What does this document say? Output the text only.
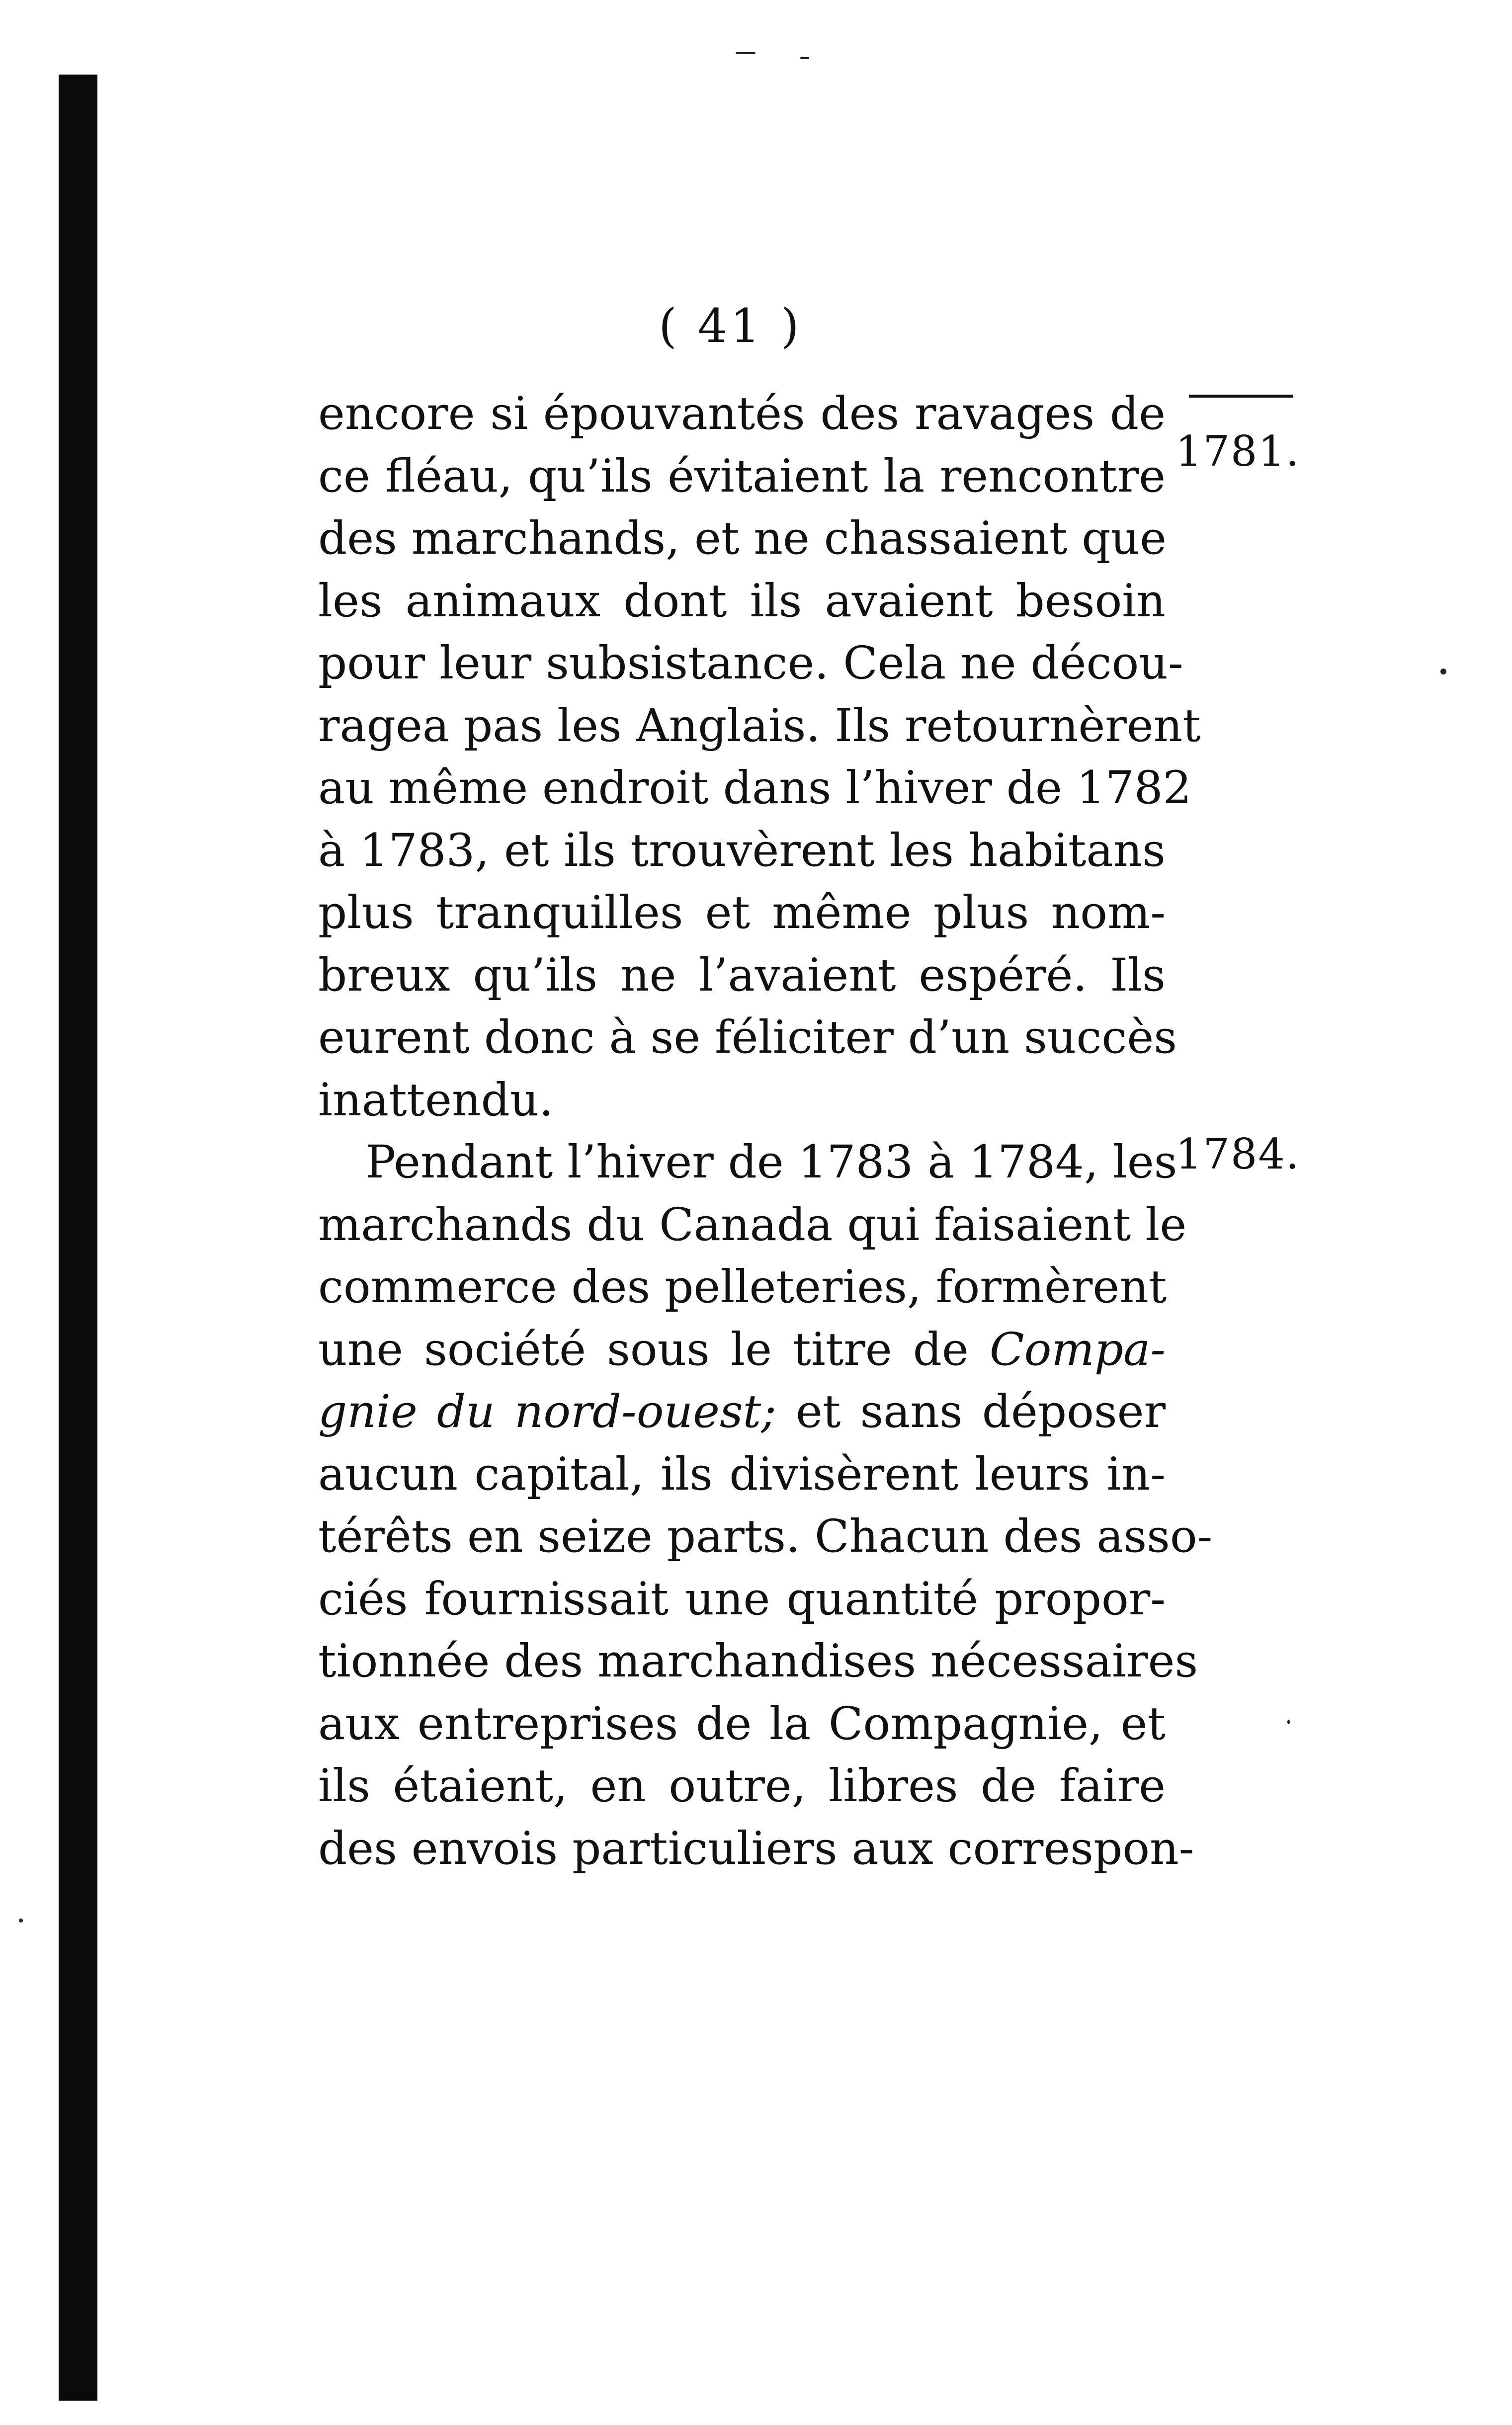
( 41 )
1781.
1784.
encore si épouvantés des ravages de
ce fléau, qu’ils évitaient la rencontre
des marchands, et ne chassaient que
les animaux dont ils avaient besoin
pour leur subsistance. Cela ne décou-
ragea pas les Anglais. Ils retournèrent
au même endroit dans l’hiver de 1782
à 1783, et ils trouvèrent les habitans
plus tranquilles et même plus nom-
breux qu’ils ne l’avaient espéré. Ils
eurent donc à se féliciter d’un succès
inattendu.
Pendant l’hiver de 1783 à 1784, les
marchands du Canada qui faisaient le
commerce des pelleteries, formèrent
une société sous le titre de Compa-
gnie du nord-ouest; et sans déposer
aucun capital, ils divisèrent leurs in-
térêts en seize parts. Chacun des asso-
ciés fournissait une quantité propor-
tionnée des marchandises nécessaires
aux entreprises de la Compagnie, et
ils étaient, en outre, libres de faire
des envois particuliers aux correspon-
